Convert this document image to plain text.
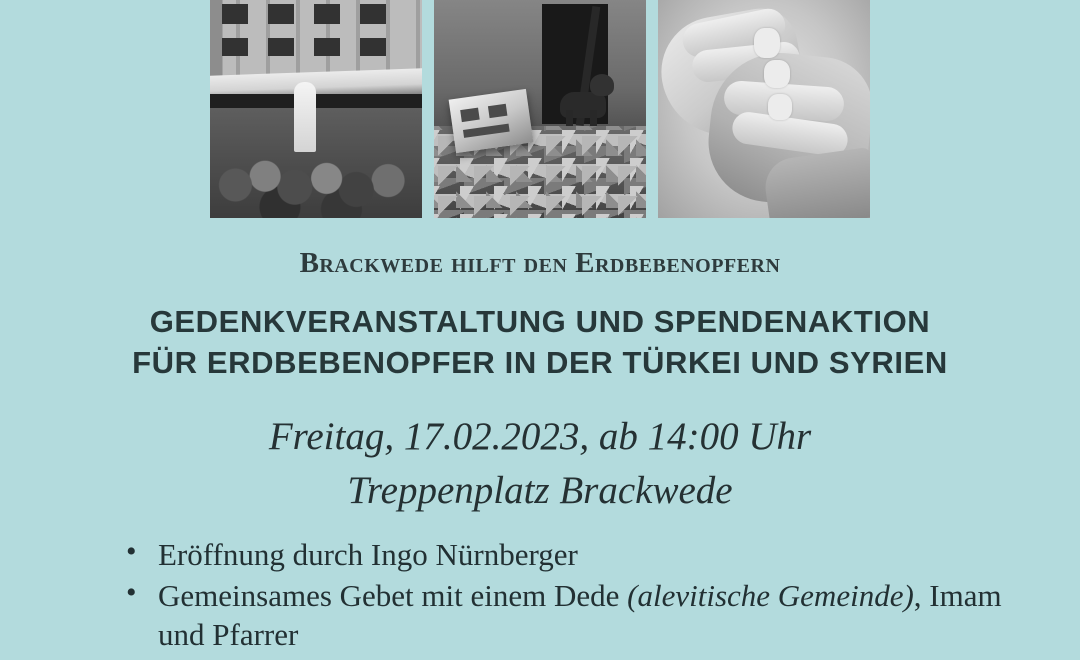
Brackwede hilft den Erdbebenopfern
GEDENKVERANSTALTUNG UND SPENDENAKTION
FÜR ERDBEBENOPFER IN DER TÜRKEI UND SYRIEN
Freitag, 17.02.2023, ab 14:00 Uhr
Treppenplatz Brackwede
• Eröffnung durch Ingo Nürnberger
• Gemeinsames Gebet mit einem Dede (alevitische Gemeinde), Imam und Pfarrer
